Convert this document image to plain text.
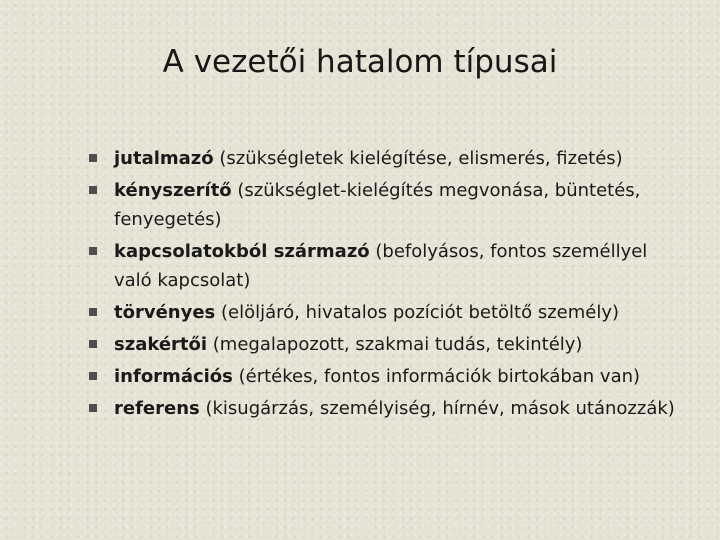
A vezetői hatalom típusai
jutalmazó (szükségletek kielégítése, elismerés, fizetés)
kényszerítő (szükséglet-kielégítés megvonása, büntetés, fenyegetés)
kapcsolatokból származó (befolyásos, fontos személlyel való kapcsolat)
törvényes (elöljáró, hivatalos pozíciót betöltő személy)
szakértői (megalapozott, szakmai tudás, tekintély)
információs (értékes, fontos információk birtokában van)
referens (kisugárzás, személyiség, hírnév, mások utánozzák)
